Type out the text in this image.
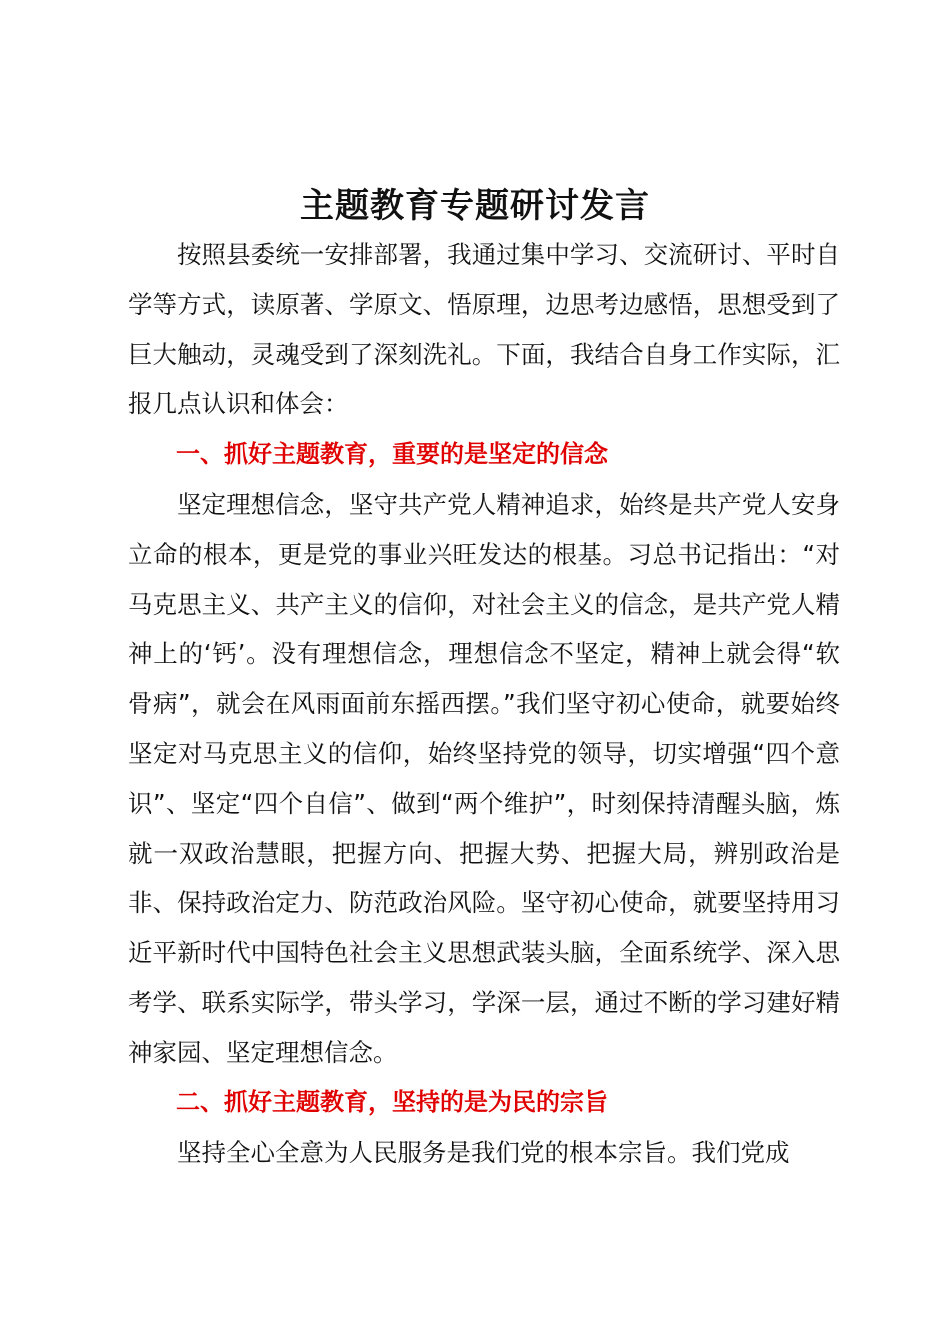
主题教育专题研讨发言

按照县委统一安排部署，我通过集中学习、交流研讨、平时自学等方式，读原著、学原文、悟原理，边思考边感悟，思想受到了巨大触动，灵魂受到了深刻洗礼。下面，我结合自身工作实际，汇报几点认识和体会：

一、抓好主题教育，重要的是坚定的信念

坚定理想信念，坚守共产党人精神追求，始终是共产党人安身立命的根本，更是党的事业兴旺发达的根基。习总书记指出：“对马克思主义、共产主义的信仰，对社会主义的信念，是共产党人精神上的‘钙’。没有理想信念，理想信念不坚定，精神上就会得“软骨病”，就会在风雨面前东摇西摆。”我们坚守初心使命，就要始终坚定对马克思主义的信仰，始终坚持党的领导，切实增强“四个意识”、坚定“四个自信”、做到“两个维护”，时刻保持清醒头脑，炼就一双政治慧眼，把握方向、把握大势、把握大局，辨别政治是非、保持政治定力、防范政治风险。坚守初心使命，就要坚持用习近平新时代中国特色社会主义思想武装头脑，全面系统学、深入思考学、联系实际学，带头学习，学深一层，通过不断的学习建好精神家园、坚定理想信念。

二、抓好主题教育，坚持的是为民的宗旨

坚持全心全意为人民服务是我们党的根本宗旨。我们党成
